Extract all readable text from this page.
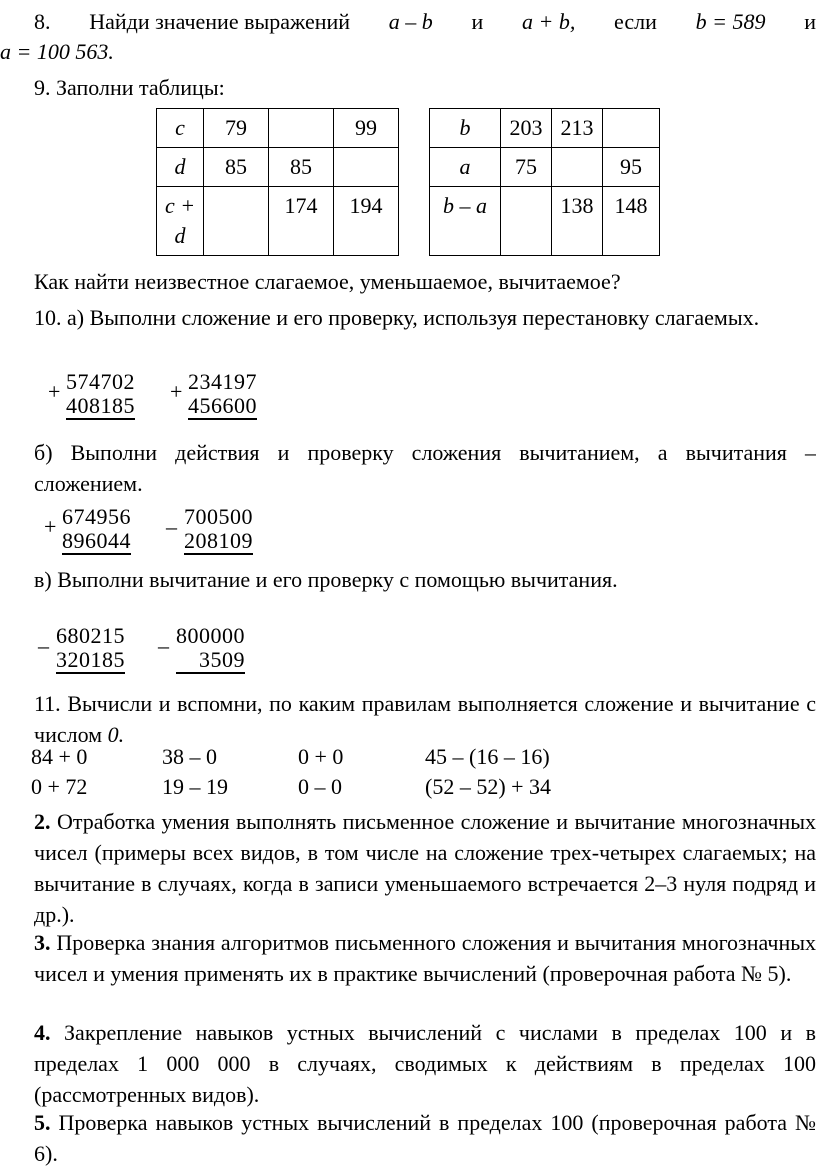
8. Найди значение выражений a – b и a + b, если b = 589 и
a = 100 563.
9. Заполни таблицы:
c	79		99
d	85	85	
c + d		174	194
b	203	213	
a	75		95
b – a		138	148
Как найти неизвестное слагаемое, уменьшаемое, вычитаемое?
10. а) Выполни сложение и его проверку, используя перестановку слагаемых.
+ 574702
408185
+ 234197
456600
б) Выполни действия и проверку сложения вычитанием, а вычитания – сложением.
+ 674956
896044
– 700500
208109
в) Выполни вычитание и его проверку с помощью вычитания.
– 680215
320185
– 800000
3509
11. Вычисли и вспомни, по каким правилам выполняется сложение и вычитание с числом 0.
84 + 0	38 – 0	0 + 0	45 – (16 – 16)
0 + 72	19 – 19	0 – 0	(52 – 52) + 34
2. Отработка умения выполнять письменное сложение и вычитание многозначных чисел (примеры всех видов, в том числе на сложение трех-четырех слагаемых; на вычитание в случаях, когда в записи уменьшаемого встречается 2–3 нуля подряд и др.).
3. Проверка знания алгоритмов письменного сложения и вычитания многозначных чисел и умения применять их в практике вычислений (проверочная работа № 5).
4. Закрепление навыков устных вычислений с числами в пределах 100 и в пределах 1 000 000 в случаях, сводимых к действиям в пределах 100 (рассмотренных видов).
5. Проверка навыков устных вычислений в пределах 100 (проверочная работа № 6).
